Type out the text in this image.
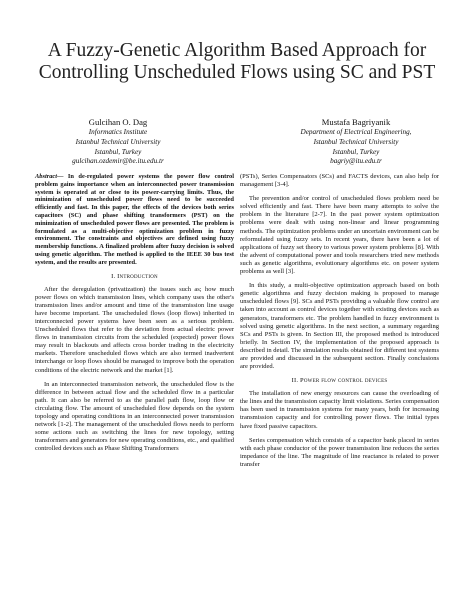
A Fuzzy-Genetic Algorithm Based Approach for
Controlling Unscheduled Flows using SC and PST
Gulcihan O. Dag
Informatics Institute
Istanbul Technical University
Istanbul, Turkey
gulcihan.ozdemir@be.itu.edu.tr
Mustafa Bagriyanik
Department of Electrical Engineering,
Istanbul Technical University
Istanbul, Turkey
bagriy@itu.edu.tr

Abstract— In de-regulated power systems the power flow control problem gains importance when an interconnected power transmission system is operated at or close to its power-carrying limits. Thus, the minimization of unscheduled power flows need to be succeeded efficiently and fast. In this paper, the effects of the devices both series capacitors (SC) and phase shifting transformers (PST) on the minimization of unscheduled power flows are presented. The problem is formulated as a multi-objective optimization problem in fuzzy environment. The constraints and objectives are defined using fuzzy membership functions. A finalized problem after fuzzy decision is solved using genetic algorithm. The method is applied to the IEEE 30 bus test system, and the results are presented.

I. Introduction

After the deregulation (privatization) the issues such as; how much power flows on which transmission lines, which company uses the other's transmission lines and/or amount and time of the transmission line usage have become important. The unscheduled flows (loop flows) inherited in interconnected power systems have been seen as a serious problem. Unscheduled flows that refer to the deviation from actual electric power flows in transmission circuits from the scheduled (expected) power flows may result in blackouts and affects cross border trading in the electricity markets. Therefore unscheduled flows which are also termed inadvertent interchange or loop flows should be managed to improve both the operation conditions of the electric network and the market [1].

In an interconnected transmission network, the unscheduled flow is the difference in between actual flow and the scheduled flow in a particular path. It can also be referred to as the parallel path flow, loop flow or circulating flow. The amount of unscheduled flow depends on the system topology and operating conditions in an interconnected power transmission network [1-2]. The management of the unscheduled flows needs to perform some actions such as switching the lines for new topology, setting transformers and generators for new operating conditions, etc., and qualified controlled devices such as Phase Shifting Transformers

(PSTs), Series Compensators (SCs) and FACTS devices, can also help for management [3-4].

The prevention and/or control of unscheduled flows problem need be solved efficiently and fast. There have been many attempts to solve the problem in the literature [2-7]. In the past power system optimization problems were dealt with using non-linear and linear programming methods. The optimization problems under an uncertain environment can be reformulated using fuzzy sets. In recent years, there have been a lot of applications of fuzzy set theory to various power system problems [8]. With the advent of computational power and tools researchers tried new methods such as genetic algorithms, evolutionary algorithms etc. on power system problems as well [3].

In this study, a multi-objective optimization approach based on both genetic algorithms and fuzzy decision making is proposed to manage unscheduled flows [9]. SCs and PSTs providing a valuable flow control are taken into account as control devices together with existing devices such as generators, transformers etc. The problem handled in fuzzy environment is solved using genetic algorithms. In the next section, a summary regarding SCs and PSTs is given. In Section III, the proposed method is introduced briefly. In Section IV, the implementation of the proposed approach is described in detail. The simulation results obtained for different test systems are provided and discussed in the subsequent section. Finally conclusions are provided.

II. Power flow control devices

The installation of new energy resources can cause the overloading of the lines and the transmission capacity limit violations. Series compensation has been used in transmission systems for many years, both for increasing transmission capacity and for controlling power flows. The initial types have fixed passive capacitors.

Series compensation which consists of a capacitor bank placed in series with each phase conductor of the power transmission line reduces the series impedance of the line. The magnitude of line reactance is related to power transfer
